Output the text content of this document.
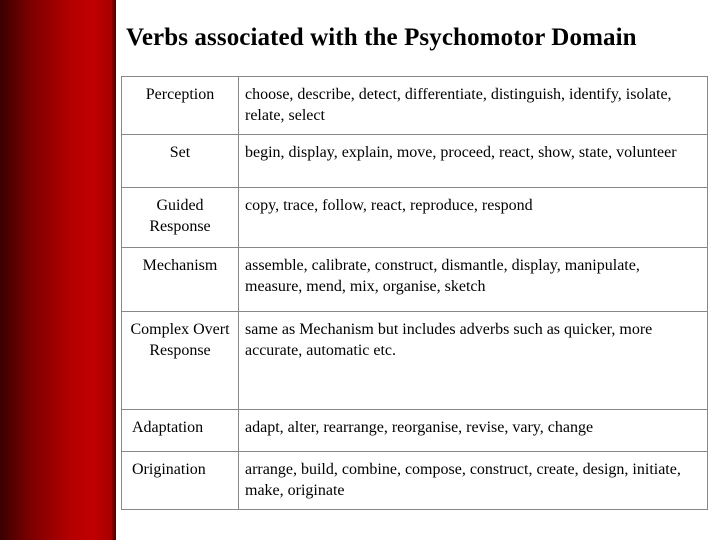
Verbs associated with the Psychomotor Domain
Perception	choose, describe, detect, differentiate, distinguish, identify, isolate, relate, select
Set	begin, display, explain, move, proceed, react, show, state, volunteer
Guided Response	copy, trace, follow, react, reproduce, respond
Mechanism	assemble, calibrate, construct, dismantle, display, manipulate, measure, mend, mix, organise, sketch
Complex Overt Response	same as Mechanism but includes adverbs such as quicker, more accurate, automatic etc.
Adaptation	adapt, alter, rearrange, reorganise, revise, vary, change
Origination	arrange, build, combine, compose, construct, create, design, initiate, make, originate
